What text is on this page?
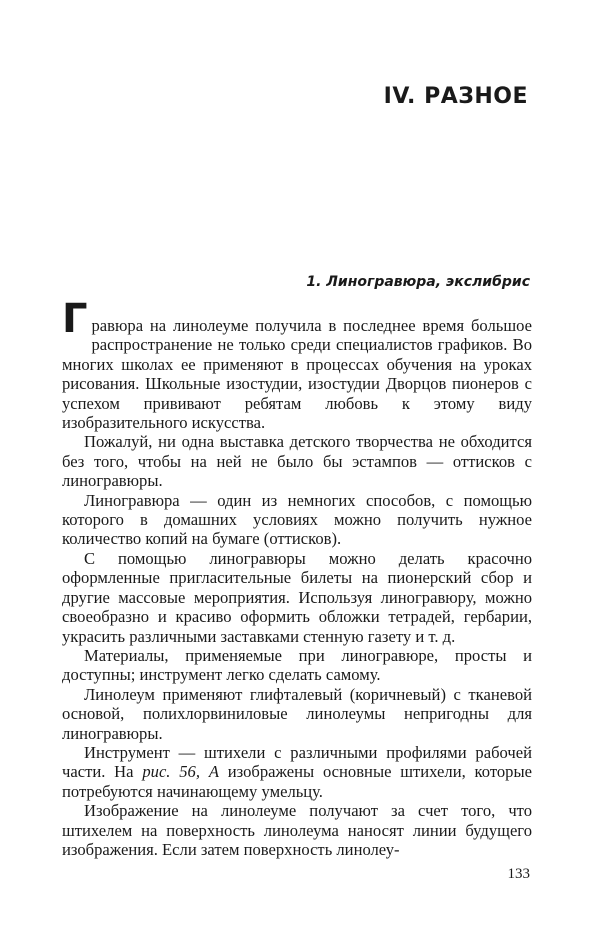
IV. РАЗНОЕ
1. Линогравюра, экслибрис

Гравюра на линолеуме получила в последнее время большое распространение не только среди специалистов графиков. Во многих школах ее применяют в процессах обучения на уроках рисования. Школьные изостудии, изостудии Дворцов пионеров с успехом прививают ребятам любовь к этому виду изобразительного искусства.

Пожалуй, ни одна выставка детского творчества не обходится без того, чтобы на ней не было бы эстампов — оттисков с линогравюры.

Линогравюра — один из немногих способов, с помощью которого в домашних условиях можно получить нужное количество копий на бумаге (оттисков).

С помощью линогравюры можно делать красочно оформленные пригласительные билеты на пионерский сбор и другие массовые мероприятия. Используя линогравюру, можно своеобразно и красиво оформить обложки тетрадей, гербарии, украсить различными заставками стенную газету и т. д.

Материалы, применяемые при линогравюре, просты и доступны; инструмент легко сделать самому.

Линолеум применяют глифталевый (коричневый) с тканевой основой, полихлорвиниловые линолеумы непригодны для линогравюры.

Инструмент — штихели с различными профилями рабочей части. На рис. 56, А изображены основные штихели, которые потребуются начинающему умельцу.

Изображение на линолеуме получают за счет того, что штихелем на поверхность линолеума наносят линии будущего изображения. Если затем поверхность линолеу-

133
